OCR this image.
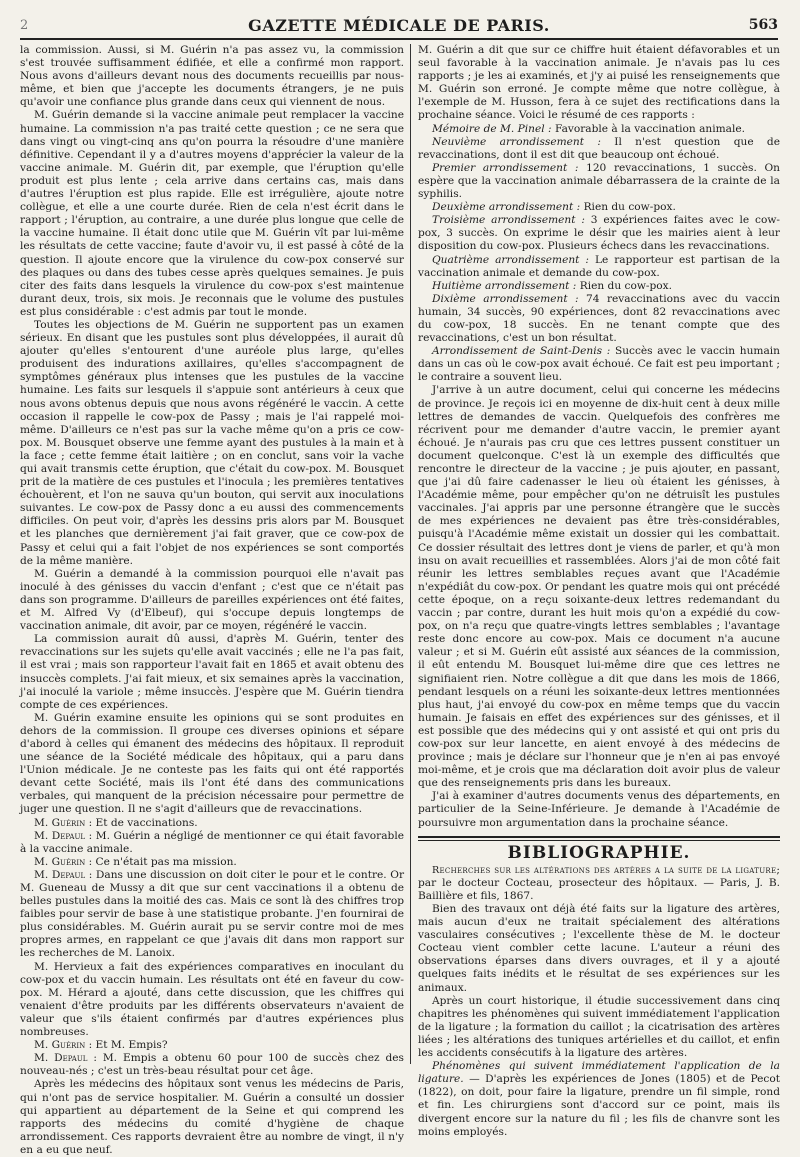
2	GAZETTE MÉDICALE DE PARIS.	563

la commission. Aussi, si M. Guérin n'a pas assez vu, la commission s'est trouvée suffisamment édifiée, et elle a confirmé mon rapport. Nous avons d'ailleurs devant nous des documents recueillis par nous-même, et bien que j'accepte les documents étrangers, je ne puis qu'avoir une confiance plus grande dans ceux qui viennent de nous.

M. Guérin demande si la vaccine animale peut remplacer la vaccine humaine. La commission n'a pas traité cette question ; ce ne sera que dans vingt ou vingt-cinq ans qu'on pourra la résoudre d'une manière définitive. Cependant il y a d'autres moyens d'apprécier la valeur de la vaccine animale. M. Guérin dit, par exemple, que l'éruption qu'elle produit est plus lente ; cela arrive dans certains cas, mais dans d'autres l'éruption est plus rapide. Elle est irrégulière, ajoute notre collègue, et elle a une courte durée. Rien de cela n'est écrit dans le rapport ; l'éruption, au contraire, a une durée plus longue que celle de la vaccine humaine. Il était donc utile que M. Guérin vît par lui-même les résultats de cette vaccine; faute d'avoir vu, il est passé à côté de la question. Il ajoute encore que la virulence du cow-pox conservé sur des plaques ou dans des tubes cesse après quelques semaines. Je puis citer des faits dans lesquels la virulence du cow-pox s'est maintenue durant deux, trois, six mois. Je reconnais que le volume des pustules est plus considérable : c'est admis par tout le monde.

Toutes les objections de M. Guérin ne supportent pas un examen sérieux. En disant que les pustules sont plus développées, il aurait dû ajouter qu'elles s'entourent d'une auréole plus large, qu'elles produisent des indurations axillaires, qu'elles s'accompagnent de symptômes généraux plus intenses que les pustules de la vaccine humaine. Les faits sur lesquels il s'appuie sont antérieurs à ceux que nous avons obtenus depuis que nous avons régénéré le vaccin. A cette occasion il rappelle le cow-pox de Passy ; mais je l'ai rappelé moi-même. D'ailleurs ce n'est pas sur la vache même qu'on a pris ce cow-pox. M. Bousquet observe une femme ayant des pustules à la main et à la face ; cette femme était laitière ; on en conclut, sans voir la vache qui avait transmis cette éruption, que c'était du cow-pox. M. Bousquet prit de la matière de ces pustules et l'inocula ; les premières tentatives échouèrent, et l'on ne sauva qu'un bouton, qui servit aux inoculations suivantes. Le cow-pox de Passy donc a eu aussi des commencements difficiles. On peut voir, d'après les dessins pris alors par M. Bousquet et les planches que dernièrement j'ai fait graver, que ce cow-pox de Passy et celui qui a fait l'objet de nos expériences se sont comportés de la même manière.

M. Guérin a demandé à la commission pourquoi elle n'avait pas inoculé à des génisses du vaccin d'enfant ; c'est que ce n'était pas dans son programme. D'ailleurs de pareilles expériences ont été faites, et M. Alfred Vy (d'Elbeuf), qui s'occupe depuis longtemps de vaccination animale, dit avoir, par ce moyen, régénéré le vaccin.

La commission aurait dû aussi, d'après M. Guérin, tenter des revaccinations sur les sujets qu'elle avait vaccinés ; elle ne l'a pas fait, il est vrai ; mais son rapporteur l'avait fait en 1865 et avait obtenu des insuccès complets. J'ai fait mieux, et six semaines après la vaccination, j'ai inoculé la variole ; même insuccès. J'espère que M. Guérin tiendra compte de ces expériences.

M. Guérin examine ensuite les opinions qui se sont produites en dehors de la commission. Il groupe ces diverses opinions et sépare d'abord à celles qui émanent des médecins des hôpitaux. Il reproduit une séance de la Société médicale des hôpitaux, qui a paru dans l'Union médicale. Je ne conteste pas les faits qui ont été rapportés devant cette Société, mais ils l'ont été dans des communications verbales, qui manquent de la précision nécessaire pour permettre de juger une question. Il ne s'agit d'ailleurs que de revaccinations.

M. Guérin : Et de vaccinations.

M. Depaul : M. Guérin a négligé de mentionner ce qui était favorable à la vaccine animale.

M. Guérin : Ce n'était pas ma mission.

M. Depaul : Dans une discussion on doit citer le pour et le contre. Or M. Gueneau de Mussy a dit que sur cent vaccinations il a obtenu de belles pustules dans la moitié des cas. Mais ce sont là des chiffres trop faibles pour servir de base à une statistique probante. J'en fournirai de plus considérables. M. Guérin aurait pu se servir contre moi de mes propres armes, en rappelant ce que j'avais dit dans mon rapport sur les recherches de M. Lanoix.

M. Hervieux a fait des expériences comparatives en inoculant du cow-pox et du vaccin humain. Les résultats ont été en faveur du cow-pox. M. Hérard a ajouté, dans cette discussion, que les chiffres qui venaient d'être produits par les différents observateurs n'avaient de valeur que s'ils étaient confirmés par d'autres expériences plus nombreuses.

M. Guérin : Et M. Empis?

M. Depaul : M. Empis a obtenu 60 pour 100 de succès chez des nouveau-nés ; c'est un très-beau résultat pour cet âge.

Après les médecins des hôpitaux sont venus les médecins de Paris, qui n'ont pas de service hospitalier. M. Guérin a consulté un dossier qui appartient au département de la Seine et qui comprend les rapports des médecins du comité d'hygiène de chaque arrondissement. Ces rapports devraient être au nombre de vingt, il n'y en a eu que neuf.

M. Guérin a dit que sur ce chiffre huit étaient défavorables et un seul favorable à la vaccination animale. Je n'avais pas lu ces rapports ; je les ai examinés, et j'y ai puisé les renseignements que M. Guérin son erroné. Je compte même que notre collègue, à l'exemple de M. Husson, fera à ce sujet des rectifications dans la prochaine séance. Voici le résumé de ces rapports :

Mémoire de M. Pinel : Favorable à la vaccination animale.

Neuvième arrondissement : Il n'est question que de revaccinations, dont il est dit que beaucoup ont échoué.

Premier arrondissement : 120 revaccinations, 1 succès. On espère que la vaccination animale débarrassera de la crainte de la syphilis.

Deuxième arrondissement : Rien du cow-pox.

Troisième arrondissement : 3 expériences faites avec le cow-pox, 3 succès. On exprime le désir que les mairies aient à leur disposition du cow-pox. Plusieurs échecs dans les revaccinations.

Quatrième arrondissement : Le rapporteur est partisan de la vaccination animale et demande du cow-pox.

Huitième arrondissement : Rien du cow-pox.

Dixième arrondissement : 74 revaccinations avec du vaccin humain, 34 succès, 90 expériences, dont 82 revaccinations avec du cow-pox, 18 succès. En ne tenant compte que des revaccinations, c'est un bon résultat.

Arrondissement de Saint-Denis : Succès avec le vaccin humain dans un cas où le cow-pox avait échoué. Ce fait est peu important ; le contraire a souvent lieu.

J'arrive à un autre document, celui qui concerne les médecins de province. Je reçois ici en moyenne de dix-huit cent à deux mille lettres de demandes de vaccin. Quelquefois des confrères me récrivent pour me demander d'autre vaccin, le premier ayant échoué. Je n'aurais pas cru que ces lettres pussent constituer un document quelconque. C'est là un exemple des difficultés que rencontre le directeur de la vaccine ; je puis ajouter, en passant, que j'ai dû faire cadenasser le lieu où étaient les génisses, à l'Académie même, pour empêcher qu'on ne détruisît les pustules vaccinales. J'ai appris par une personne étrangère que le succès de mes expériences ne devaient pas être très-considérables, puisqu'à l'Académie même existait un dossier qui les combattait. Ce dossier résultait des lettres dont je viens de parler, et qu'à mon insu on avait recueillies et rassemblées. Alors j'ai de mon côté fait réunir les lettres semblables reçues avant que l'Académie n'expédiât du cow-pox. Or pendant les quatre mois qui ont précédé cette époque, on a reçu soixante-deux lettres redemandant du vaccin ; par contre, durant les huit mois qu'on a expédié du cow-pox, on n'a reçu que quatre-vingts lettres semblables ; l'avantage reste donc encore au cow-pox. Mais ce document n'a aucune valeur ; et si M. Guérin eût assisté aux séances de la commission, il eût entendu M. Bousquet lui-même dire que ces lettres ne signifiaient rien. Notre collègue a dit que dans les mois de 1866, pendant lesquels on a réuni les soixante-deux lettres mentionnées plus haut, j'ai envoyé du cow-pox en même temps que du vaccin humain. Je faisais en effet des expériences sur des génisses, et il est possible que des médecins qui y ont assisté et qui ont pris du cow-pox sur leur lancette, en aient envoyé à des médecins de province ; mais je déclare sur l'honneur que je n'en ai pas envoyé moi-même, et je crois que ma déclaration doit avoir plus de valeur que des renseignements pris dans les bureaux.

J'ai à examiner d'autres documents venus des départements, en particulier de la Seine-Inférieure. Je demande à l'Académie de poursuivre mon argumentation dans la prochaine séance.

BIBLIOGRAPHIE.

Recherches sur les altérations des artères a la suite de la ligature; par le docteur Cocteau, prosecteur des hôpitaux. — Paris, J. B. Baillière et fils, 1867.

Bien des travaux ont déjà été faits sur la ligature des artères, mais aucun d'eux ne traitait spécialement des altérations vasculaires consécutives ; l'excellente thèse de M. le docteur Cocteau vient combler cette lacune. L'auteur a réuni des observations éparses dans divers ouvrages, et il y a ajouté quelques faits inédits et le résultat de ses expériences sur les animaux.

Après un court historique, il étudie successivement dans cinq chapitres les phénomènes qui suivent immédiatement l'application de la ligature ; la formation du caillot ; la cicatrisation des artères liées ; les altérations des tuniques artérielles et du caillot, et enfin les accidents consécutifs à la ligature des artères.

Phénomènes qui suivent immédiatement l'application de la ligature. — D'après les expériences de Jones (1805) et de Pecot (1822), on doit, pour faire la ligature, prendre un fil simple, rond et fin. Les chirurgiens sont d'accord sur ce point, mais ils divergent encore sur la nature du fil ; les fils de chanvre sont les moins employés.
